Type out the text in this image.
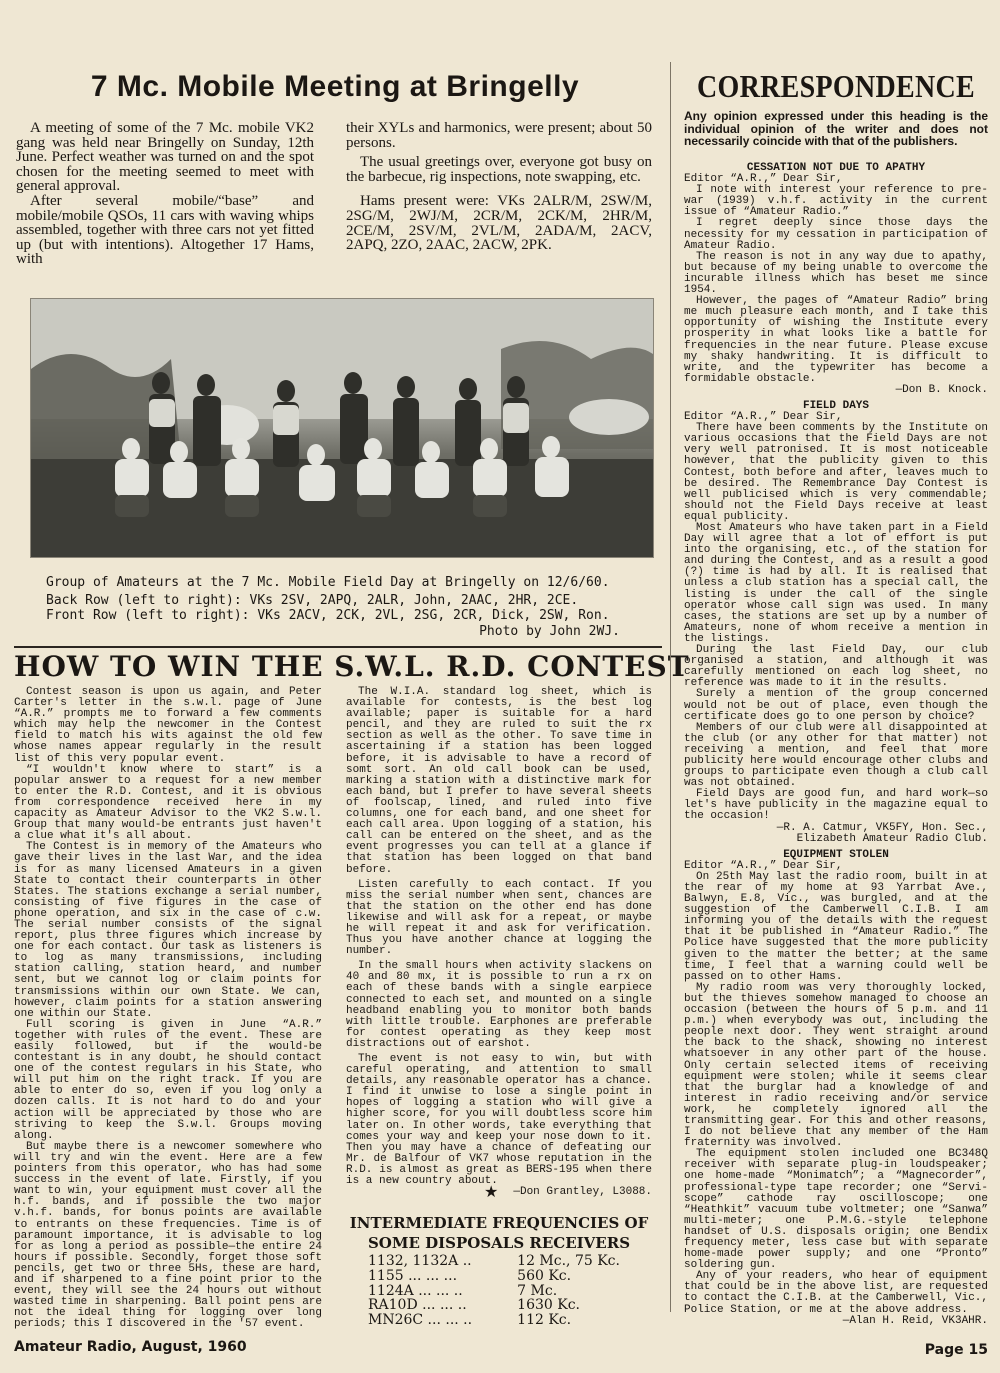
7 Mc. Mobile Meeting at Bringelly

A meeting of some of the 7 Mc. mobile VK2 gang was held near Bringelly on Sunday, 12th June. Perfect weather was turned on and the spot chosen for the meeting seemed to meet with general approval.

After several mobile/“base” and mobile/mobile QSOs, 11 cars with waving whips assembled, together with three cars not yet fitted up (but with intentions). Altogether 17 Hams, with

their XYLs and harmonics, were present; about 50 persons.

The usual greetings over, everyone got busy on the barbecue, rig inspections, note swapping, etc.

Hams present were: VKs 2ALR/M, 2SW/M, 2SG/M, 2WJ/M, 2CR/M, 2CK/M, 2HR/M, 2CE/M, 2SV/M, 2VL/M, 2ADA/M, 2ACV, 2APQ, 2ZO, 2AAC, 2ACW, 2PK.

Group of Amateurs at the 7 Mc. Mobile Field Day at Bringelly on 12/6/60.

Back Row (left to right): VKs 2SV, 2APQ, 2ALR, John, 2AAC, 2HR, 2CE.

Front Row (left to right): VKs 2ACV, 2CK, 2VL, 2SG, 2CR, Dick, 2SW, Ron.

Photo by John 2WJ.

HOW TO WIN THE S.W.L. R.D. CONTEST

Contest season is upon us again, and Peter Carter's letter in the s.w.l. page of June “A.R.” prompts me to forward a few comments which may help the newcomer in the Contest field to match his wits against the old few whose names appear regularly in the result list of this very popular event.

“I wouldn't know where to start” is a popular answer to a request for a new member to enter the R.D. Contest, and it is obvious from correspondence received here in my capacity as Amateur Advisor to the VK2 S.w.l. Group that many would-be entrants just haven't a clue what it's all about.

The Contest is in memory of the Amateurs who gave their lives in the last War, and the idea is for as many licensed Amateurs in a given State to contact their counterparts in other States. The stations exchange a serial number, consisting of five figures in the case of phone operation, and six in the case of c.w. The serial number consists of the signal report, plus three figures which increase by one for each contact. Our task as listeners is to log as many transmissions, including station calling, station heard, and number sent, but we cannot log or claim points for transmissions within our own State. We can, however, claim points for a station answering one within our State.

Full scoring is given in June “A.R.” together with rules of the event. These are easily followed, but if the would-be contestant is in any doubt, he should contact one of the contest regulars in his State, who will put him on the right track. If you are able to enter do so, even if you log only a dozen calls. It is not hard to do and your action will be appreciated by those who are striving to keep the S.w.l. Groups moving along.

But maybe there is a newcomer somewhere who will try and win the event. Here are a few pointers from this operator, who has had some success in the event of late. Firstly, if you want to win, your equipment must cover all the h.f. bands, and if possible the two major v.h.f. bands, for bonus points are available to entrants on these frequencies. Time is of paramount importance, it is advisable to log for as long a period as possible—the entire 24 hours if possible. Secondly, forget those soft pencils, get two or three 5Hs, these are hard, and if sharpened to a fine point prior to the event, they will see the 24 hours out without wasted time in sharpening. Ball point pens are not the ideal thing for logging over long periods; this I discovered in the '57 event.

The W.I.A. standard log sheet, which is available for contests, is the best log available; paper is suitable for a hard pencil, and they are ruled to suit the rx section as well as the other. To save time in ascertaining if a station has been logged before, it is advisable to have a record of somt sort. An old call book can be used, marking a station with a distinctive mark for each band, but I prefer to have several sheets of foolscap, lined, and ruled into five columns, one for each band, and one sheet for each call area. Upon logging of a station, his call can be entered on the sheet, and as the event progresses you can tell at a glance if that station has been logged on that band before.

Listen carefully to each contact. If you miss the serial number when sent, chances are that the station on the other end has done likewise and will ask for a repeat, or maybe he will repeat it and ask for verification. Thus you have another chance at logging the number.

In the small hours when activity slackens on 40 and 80 mx, it is possible to run a rx on each of these bands with a single earpiece connected to each set, and mounted on a single headband enabling you to monitor both bands with little trouble. Earphones are preferable for contest operating as they keep most distractions out of earshot.

The event is not easy to win, but with careful operating, and attention to small details, any reasonable operator has a chance. I find it unwise to lose a single point in hopes of logging a station who will give a higher score, for you will doubtless score him later on. In other words, take everything that comes your way and keep your nose down to it. Then you may have a chance of defeating our Mr. de Balfour of VK7 whose reputation in the R.D. is almost as great as BERS-195 when there is a new country about.

—Don Grantley, L3088.

★
INTERMEDIATE FREQUENCIES OF
SOME DISPOSALS RECEIVERS
1132, 1132A ..	12 Mc., 75 Kc.
1155 ... ... ...	560 Kc.
1124A ... ... ..	7 Mc.
RA10D ... ... ..	1630 Kc.
MN26C ... ... ..	112 Kc.
CORRESPONDENCE
Any opinion expressed under this heading is the individual opinion of the writer and does not necessarily coincide with that of the publishers.

CESSATION NOT DUE TO APATHY

Editor “A.R.,” Dear Sir,

I note with interest your reference to pre-war (1939) v.h.f. activity in the current issue of “Amateur Radio.”

I regret deeply since those days the necessity for my cessation in participation of Amateur Radio.

The reason is not in any way due to apathy, but because of my being unable to overcome the incurable illness which has beset me since 1954.

However, the pages of “Amateur Radio” bring me much pleasure each month, and I take this opportunity of wishing the Institute every prosperity in what looks like a battle for frequencies in the near future. Please excuse my shaky handwriting. It is difficult to write, and the typewriter has become a formidable obstacle.

—Don B. Knock.

FIELD DAYS

Editor “A.R.,” Dear Sir,

There have been comments by the Institute on various occasions that the Field Days are not very well patronised. It is most noticeable however, that the publicity given to this Contest, both before and after, leaves much to be desired. The Remembrance Day Contest is well publicised which is very commendable; should not the Field Days receive at least equal publicity.

Most Amateurs who have taken part in a Field Day will agree that a lot of effort is put into the organising, etc., of the station for and during the Contest, and as a result a good (?) time is had by all. It is realised that unless a club station has a special call, the listing is under the call of the single operator whose call sign was used. In many cases, the stations are set up by a number of Amateurs, none of whom receive a mention in the listings.

During the last Field Day, our club organised a station, and although it was carefully mentioned on each log sheet, no reference was made to it in the results.

Surely a mention of the group concerned would not be out of place, even though the certificate does go to one person by choice?

Members of our club were all disappointed at the club (or any other for that matter) not receiving a mention, and feel that more publicity here would encourage other clubs and groups to participate even though a club call was not obtained.

Field Days are good fun, and hard work—so let's have publicity in the magazine equal to the occasion!

—R. A. Catmur, VK5FY, Hon. Sec.,

Elizabeth Amateur Radio Club.

EQUIPMENT STOLEN

Editor “A.R.,” Dear Sir,

On 25th May last the radio room, built in at the rear of my home at 93 Yarrbat Ave., Balwyn, E.8, Vic., was burgled, and at the suggestion of the Camberwell C.I.B. I am informing you of the details with the request that it be published in “Amateur Radio.” The Police have suggested that the more publicity given to the matter the better; at the same time, I feel that a warning could well be passed on to other Hams.

My radio room was very thoroughly locked, but the thieves somehow managed to choose an occasion (between the hours of 5 p.m. and 11 p.m.) when everybody was out, including the people next door. They went straight around the back to the shack, showing no interest whatsoever in any other part of the house. Only certain selected items of receiving equipment were stolen; while it seems clear that the burglar had a knowledge of and interest in radio receiving and/or service work, he completely ignored all the transmitting gear. For this and other reasons, I do not believe that any member of the Ham fraternity was involved.

The equipment stolen included one BC348Q receiver with separate plug-in loudspeaker; one home-made “Monimatch”; a “Magnecorder”, professional-type tape recorder; one “Servi-scope” cathode ray oscilloscope; one “Heathkit” vacuum tube voltmeter; one “Sanwa” multi-meter; one P.M.G.-style telephone handset of U.S. disposals origin; one Bendix frequency meter, less case but with separate home-made power supply; and one “Pronto” soldering gun.

Any of your readers, who hear of equipment that could be in the above list, are requested to contact the C.I.B. at the Camberwell, Vic., Police Station, or me at the above address.

—Alan H. Reid, VK3AHR.

Amateur Radio, August, 1960	Page 15
